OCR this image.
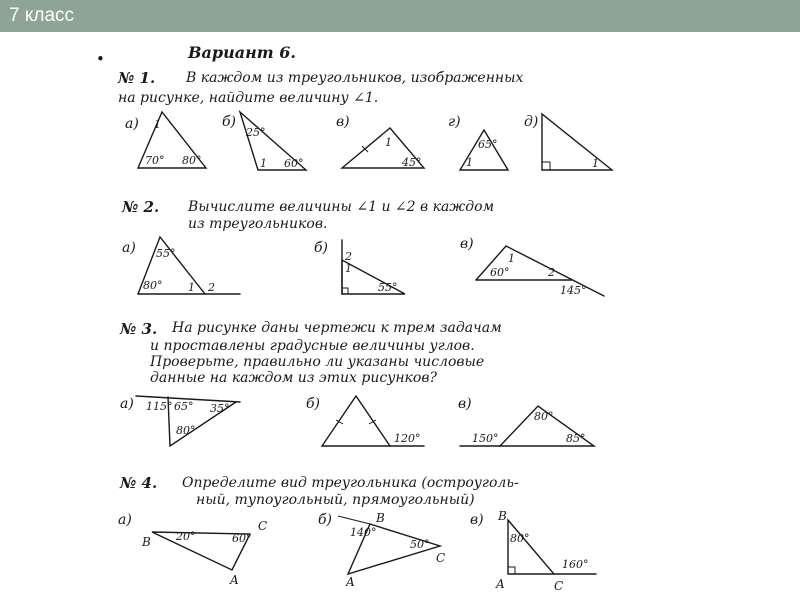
7 класс
•	Вариант 6.
№ 1. В каждом из треугольников, изображенных
на рисунке, найдите величину ∠1.
а) 1
70° 80°
б)
25°
1 60°
в)
1
45°
г)
65°
1
д)
1
№ 2. Вычислите величины ∠1 и ∠2 в каждом
из треугольников.
а) 55°
80° 1 2
б)
2
1
55°
в)
1
60°	2
145°
№ 3. На рисунке даны чертежи к трем задачам
и проставлены градусные величины углов.
Проверьте, правильно ли указаны числовые
данные на каждом из этих рисунков?
а) 115° 65° 35°
80°
б)
120°
в)
150°
80°
85°
№ 4. Определите вид треугольника (остроуголь-
ный, тупоугольный, прямоугольный)
а)
B 20°	60°
C
A
б)	B
140°
50°
C
A
в) B
80°
160°
A	C
